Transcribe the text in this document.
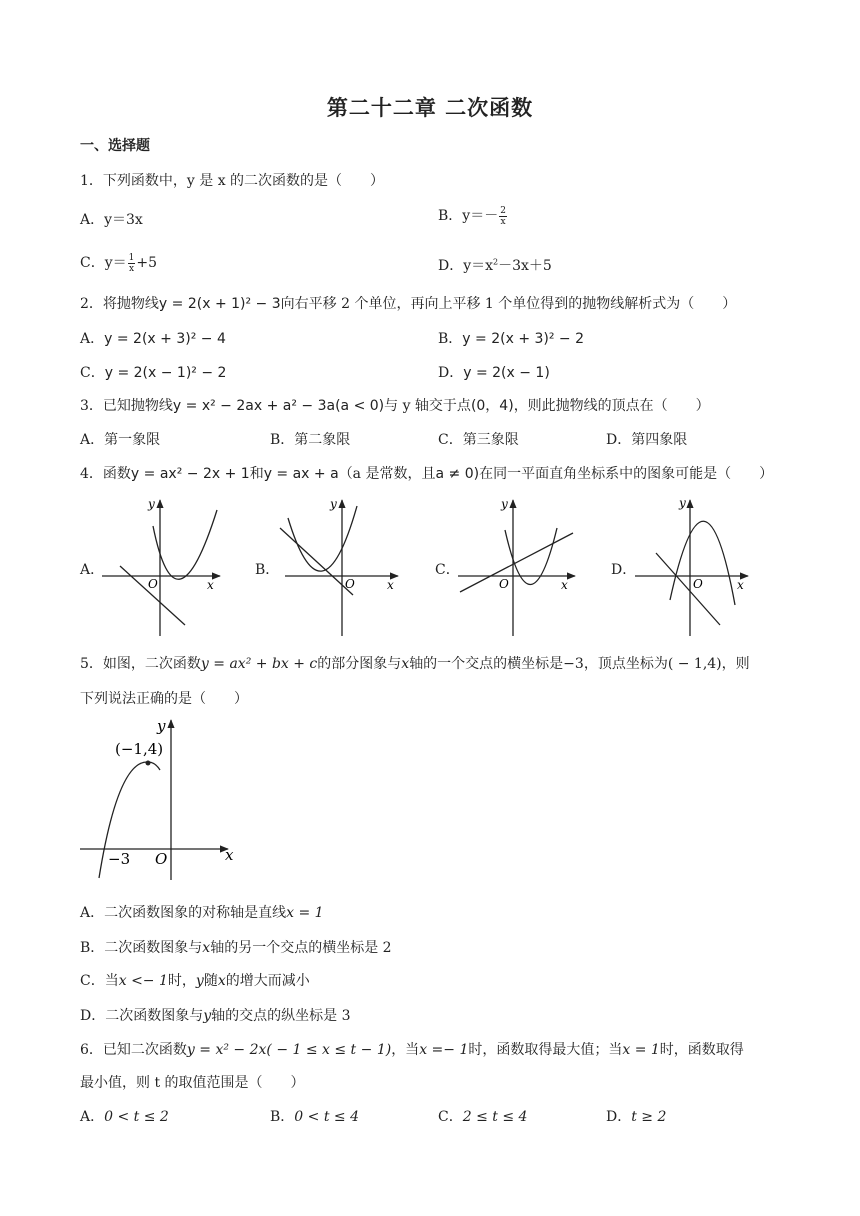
第二十二章 二次函数
一、选择题
1．下列函数中，y 是 x 的二次函数的是（　　）
A．y＝3x	B．$y=- \frac{2}{x}$
C．$y= \frac{1}{x} +5$	D．$y=x^2-3x+5$
2．将抛物线y = 2(x + 1)² − 3向右平移 2 个单位，再向上平移 1 个单位得到的抛物线解析式为（　　）
A．y = 2(x + 3)² − 4	B．y = 2(x + 3)² − 2
C．y = 2(x − 1)² − 2	D．y = 2(x − 1)
3．已知抛物线y = x² − 2ax + a² − 3a(a < 0)与 y 轴交于点(0，4)，则此抛物线的顶点在（　　）
A．第一象限	B．第二象限	C．第三象限	D．第四象限
4．函数y = ax² − 2x + 1和y = ax + a（a 是常数，且a ≠ 0)在同一平面直角坐标系中的图象可能是（　　）
A．	B．	C．	D．
y
O	x
y
O	x
y
O	x
y
O	x
(−1,4)
−3 O	x
y
5．如图，二次函数y = ax² + bx + c的部分图象与x轴的一个交点的横坐标是−3，顶点坐标为( − 1,4)，则
下列说法正确的是（　　）
A．二次函数图象的对称轴是直线x = 1
B．二次函数图象与x轴的另一个交点的横坐标是 2
C．当x <− 1时，y随x的增大而减小
D．二次函数图象与y轴的交点的纵坐标是 3
6．已知二次函数y = x² − 2x( − 1 ≤ x ≤ t − 1)，当x =− 1时，函数取得最大值；当x = 1时，函数取得
最小值，则 t 的取值范围是（　　）
A．0 < t ≤ 2	B．0 < t ≤ 4	C．2 ≤ t ≤ 4	D．t ≥ 2
